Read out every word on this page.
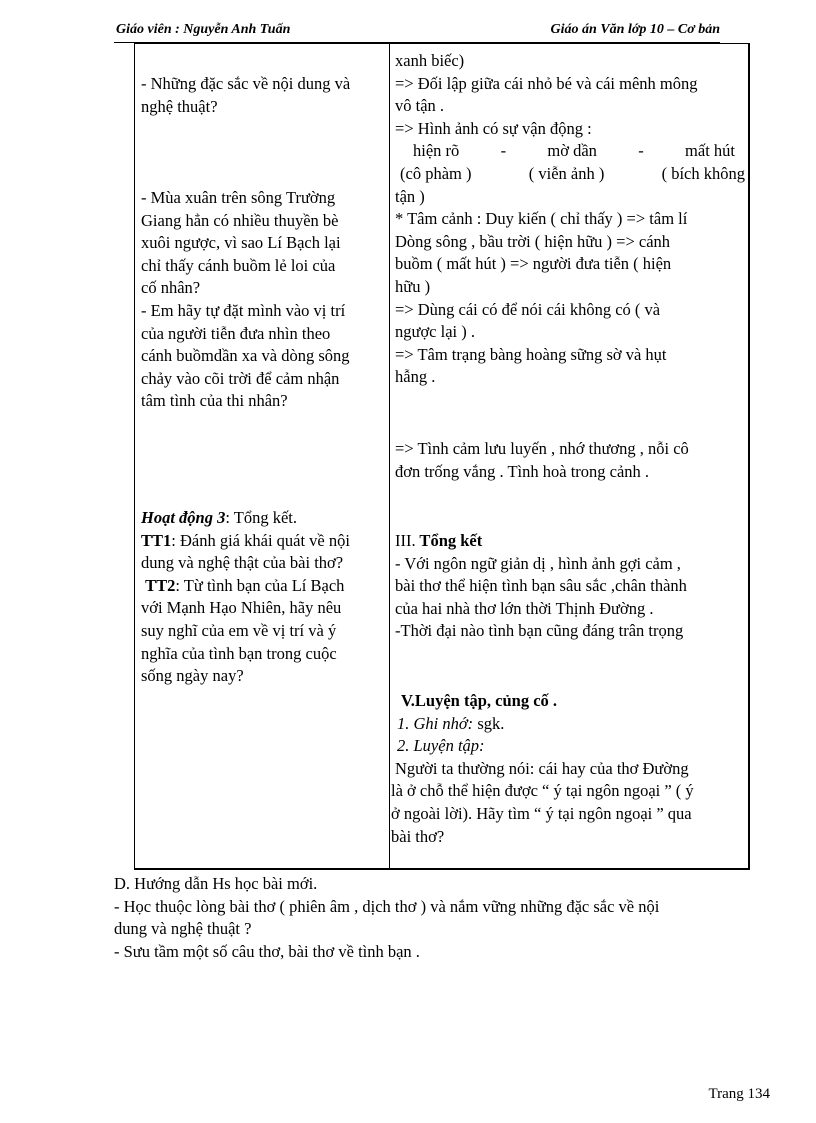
Giáo viên : Nguyễn Anh Tuấn	Giáo án Văn lớp 10 – Cơ bản

- Những đặc sắc về nội dung và

nghệ thuật?

- Mùa xuân trên sông Trường

Giang hẳn có nhiều thuyền bè

xuôi ngược, vì sao Lí Bạch lại

chỉ thấy cánh buồm lẻ loi của

cố nhân?

- Em hãy tự đặt mình vào vị trí

của người tiễn đưa nhìn theo

cánh buồmdần xa và dòng sông

chảy vào cõi trời để cảm nhận

tâm tình của thi nhân?

Hoạt động 3: Tổng kết.

TT1: Đánh giá khái quát về nội

dung và nghệ thật của bài thơ?

TT2: Từ tình bạn của Lí Bạch

với Mạnh Hạo Nhiên, hãy nêu

suy nghĩ của em về vị trí và ý

nghĩa của tình bạn trong cuộc

sống ngày nay?

xanh biếc)

=> Đối lập giữa cái nhỏ bé và cái mênh mông

vô tận .

=> Hình ảnh có sự vận động :

hiện rõ	-	mờ dần	-	mất hút

(cô phàm )	( viễn ảnh )	( bích không

tận )

* Tâm cảnh : Duy kiến ( chỉ thấy ) => tâm lí

Dòng sông , bầu trời ( hiện hữu ) => cánh

buồm ( mất hút ) => người đưa tiễn ( hiện

hữu )

=> Dùng cái có để nói cái không có ( và

ngược lại ) .

=> Tâm trạng bàng hoàng sững sờ và hụt

hẫng .

=> Tình cảm lưu luyến , nhớ thương , nỗi cô

đơn trống vắng . Tình hoà trong cảnh .

III. Tổng kết

- Với ngôn ngữ giản dị , hình ảnh gợi cảm ,

bài thơ thể hiện tình bạn sâu sắc ,chân thành

của hai nhà thơ lớn thời Thịnh Đường .

-Thời đại nào tình bạn cũng đáng trân trọng

V.Luyện tập, củng cố .

1. Ghi nhớ: sgk.

2. Luyện tập:

Người ta thường nói: cái hay của thơ Đường

là ở chỗ thể hiện được “ ý tại ngôn ngoại ” ( ý

ở ngoài lời). Hãy tìm “ ý tại ngôn ngoại ” qua

bài thơ?

D. Hướng dẫn Hs học bài mới.

- Học thuộc lòng bài thơ ( phiên âm , dịch thơ ) và nắm vững những đặc sắc về nội

dung và nghệ thuật ?

- Sưu tầm một số câu thơ, bài thơ về tình bạn .

Trang 134
